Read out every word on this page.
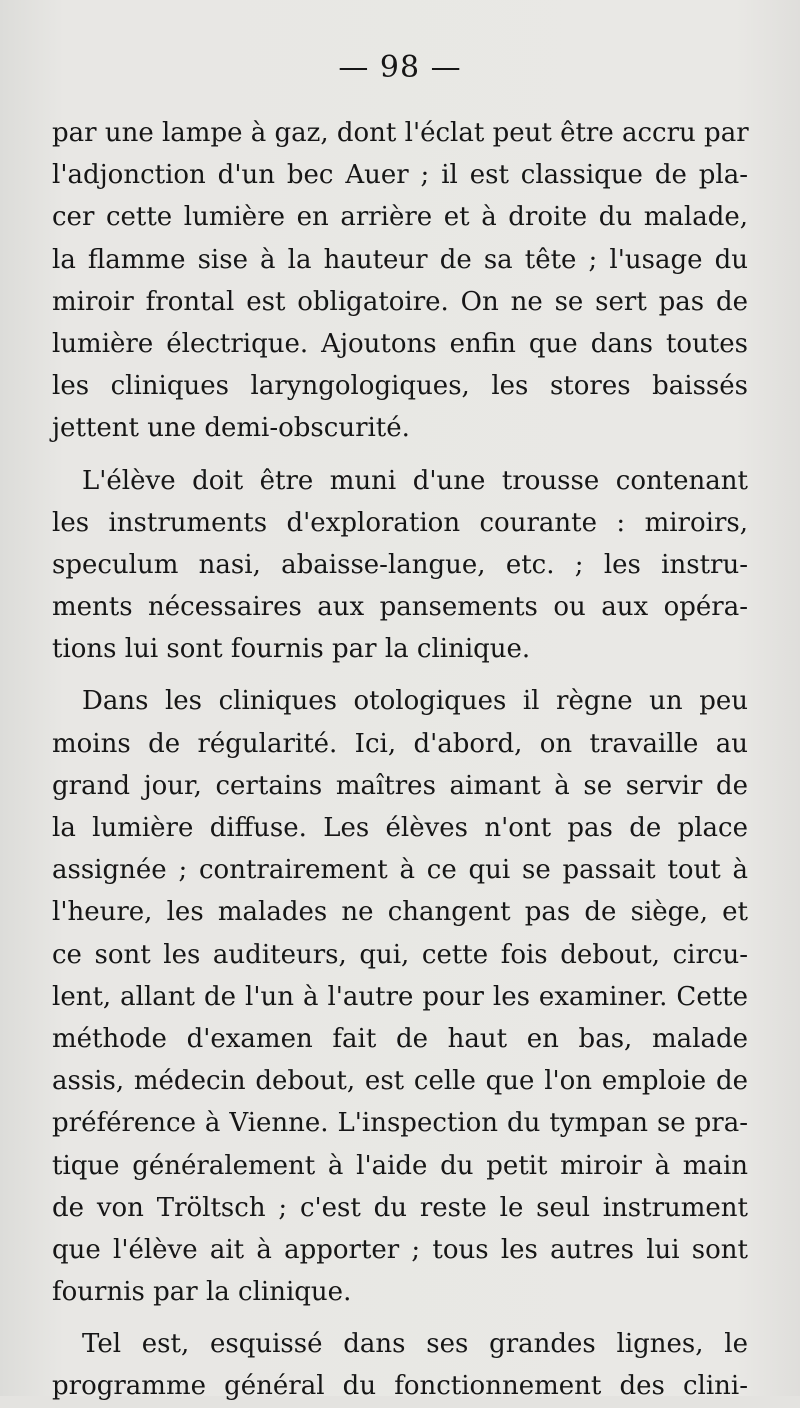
— 98 —
par une lampe à gaz, dont l'éclat peut être accru par
l'adjonction d'un bec Auer ; il est classique de pla-
cer cette lumière en arrière et à droite du malade,
la flamme sise à la hauteur de sa tête ; l'usage du
miroir frontal est obligatoire. On ne se sert pas de
lumière électrique. Ajoutons enfin que dans toutes
les cliniques laryngologiques, les stores baissés
jettent une demi-obscurité.
L'élève doit être muni d'une trousse contenant
les instruments d'exploration courante : miroirs,
speculum nasi, abaisse-langue, etc. ; les instru-
ments nécessaires aux pansements ou aux opéra-
tions lui sont fournis par la clinique.
Dans les cliniques otologiques il règne un peu
moins de régularité. Ici, d'abord, on travaille au
grand jour, certains maîtres aimant à se servir de
la lumière diffuse. Les élèves n'ont pas de place
assignée ; contrairement à ce qui se passait tout à
l'heure, les malades ne changent pas de siège, et
ce sont les auditeurs, qui, cette fois debout, circu-
lent, allant de l'un à l'autre pour les examiner. Cette
méthode d'examen fait de haut en bas, malade
assis, médecin debout, est celle que l'on emploie de
préférence à Vienne. L'inspection du tympan se pra-
tique généralement à l'aide du petit miroir à main
de von Tröltsch ; c'est du reste le seul instrument
que l'élève ait à apporter ; tous les autres lui sont
fournis par la clinique.
Tel est, esquissé dans ses grandes lignes, le
programme général du fonctionnement des clini-
